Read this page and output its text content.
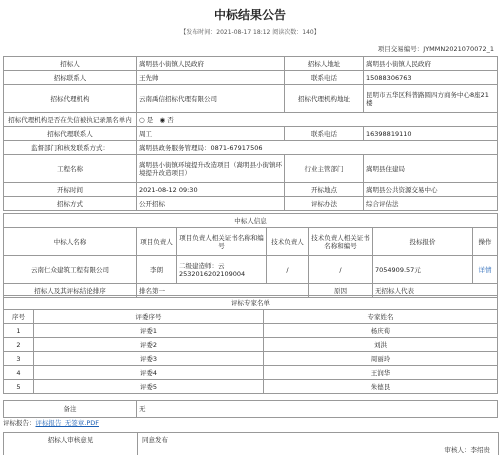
中标结果公告
【发布时间：2021-08-17 18:12 阅读次数：140】
项目交易编号：JYMMN2021070072_1
招标人	嵩明县小街镇人民政府	招标人地址	嵩明县小街镇人民政府
招标联系人	王先帅	联系电话	15088306763
招标代理机构	云南禹信招标代理有限公司	招标代理机构地址	昆明市五华区科普路圆四方商务中心8座21楼
招标代理机构是否在失信被执记录黑名单内	○ 是 ◉ 否		
招标代理联系人	周工	联系电话	16398819110
监督部门和核发联系方式：	嵩明县政务服务管理局：0871-67917506		
工程名称	嵩明县小街镇环境提升改造项目（嵩明县小街镇环境提升改造项目）	行业主管部门	嵩明县住建局
开标时间	2021-08-12 09:30	开标地点	嵩明县公共资源交易中心
招标方式	公开招标	评标办法	综合评估法
中标人信息						
中标人名称	项目负责人	项目负责人相关证书名称和编号	技术负责人	技术负责人相关证书名称和编号	投标报价	操作
云南仁众建筑工程有限公司	李朗	二级建造师：云2532016202109004	/	/	7054909.57元	详情
招标人及其评标结论排序	排名第一			原因	无招标人代表	
评标专家名单		
序号	评委序号	专家姓名
1	评委1	杨庆荀
2	评委2	刘洪
3	评委3	周丽玲
4	评委4	王润华
5	评委5	朱德艮
备注	无
评标报告：评标报告_无签章.PDF
招标人审核意见	同意发布
审核人：李绍贵
